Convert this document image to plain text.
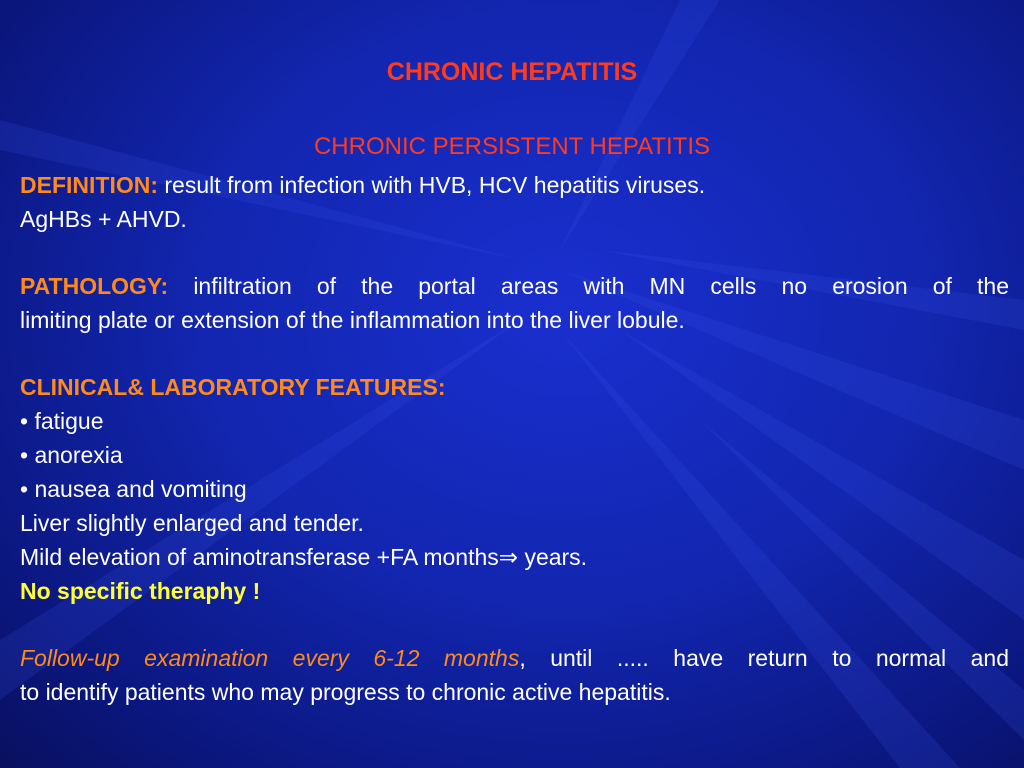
CHRONIC HEPATITIS
CHRONIC PERSISTENT HEPATITIS
DEFINITION: result from infection with HVB, HCV hepatitis viruses.
AgHBs + AHVD.
PATHOLOGY: infiltration of the portal areas with MN cells no erosion of the
limiting plate or extension of the inflammation into the liver lobule.
CLINICAL& LABORATORY FEATURES:
• fatigue
• anorexia
• nausea and vomiting
Liver slightly enlarged and tender.
Mild elevation of aminotransferase +FA months⇒ years.
No specific theraphy !
Follow-up examination every 6-12 months, until ..... have return to normal and
to identify patients who may progress to chronic active hepatitis.
